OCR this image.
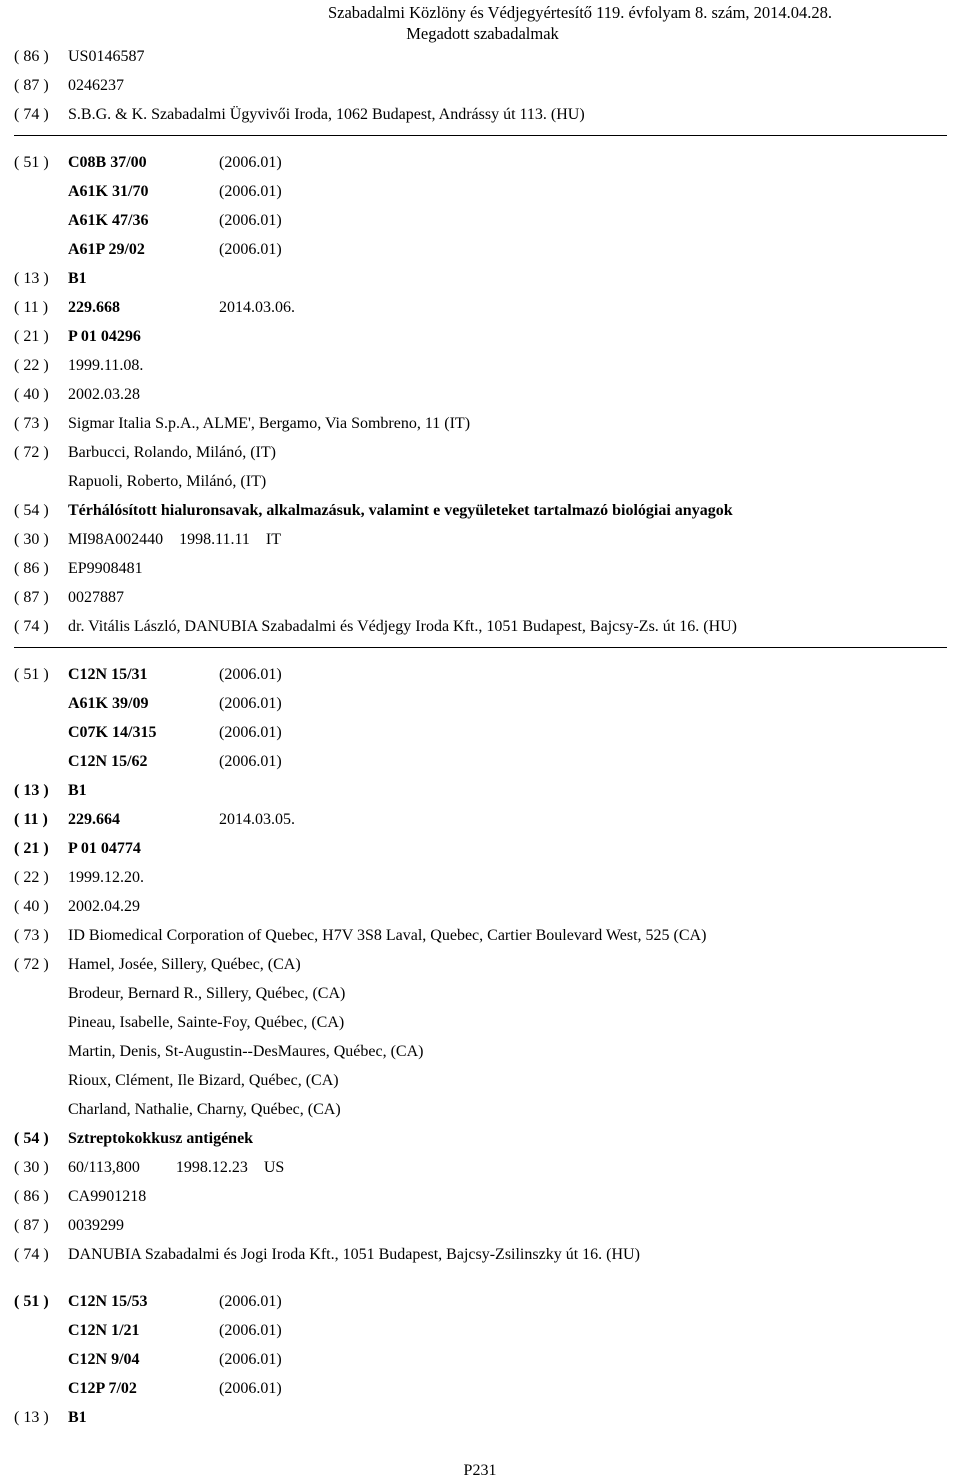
Szabadalmi Közlöny és Védjegyértesítő 119. évfolyam 8. szám, 2014.04.28.
Megadott szabadalmak
( 86 )	US0146587
( 87 )	0246237
( 74 )	S.B.G. & K. Szabadalmi Ügyvivői Iroda, 1062 Budapest, Andrássy út 113. (HU)
( 51 )	C08B 37/00	(2006.01)
A61K 31/70	(2006.01)
A61K 47/36	(2006.01)
A61P 29/02	(2006.01)
( 13 )	B1
( 11 )	229.668	2014.03.06.
( 21 )	P 01 04296
( 22 )	1999.11.08.
( 40 )	2002.03.28
( 73 )	Sigmar Italia S.p.A., ALME', Bergamo, Via Sombreno, 11 (IT)
( 72 )	Barbucci, Rolando, Milánó, (IT)
Rapuoli, Roberto, Milánó, (IT)
( 54 )	Térhálósított hialuronsavak, alkalmazásuk, valamint e vegyületeket tartalmazó biológiai anyagok
( 30 )	MI98A002440    1998.11.11    IT
( 86 )	EP9908481
( 87 )	0027887
( 74 )	dr. Vitális László, DANUBIA Szabadalmi és Védjegy Iroda Kft., 1051 Budapest, Bajcsy-Zs. út 16. (HU)
( 51 )	C12N 15/31	(2006.01)
A61K 39/09	(2006.01)
C07K 14/315	(2006.01)
C12N 15/62	(2006.01)
( 13 )	B1
( 11 )	229.664	2014.03.05.
( 21 )	P 01 04774
( 22 )	1999.12.20.
( 40 )	2002.04.29
( 73 )	ID Biomedical Corporation of Quebec, H7V 3S8 Laval, Quebec, Cartier Boulevard West, 525 (CA)
( 72 )	Hamel, Josée, Sillery, Québec, (CA)
Brodeur, Bernard R., Sillery, Québec, (CA)
Pineau, Isabelle, Sainte-Foy, Québec, (CA)
Martin, Denis, St-Augustin--DesMaures, Québec, (CA)
Rioux, Clément, Ile Bizard, Québec, (CA)
Charland, Nathalie, Charny, Québec, (CA)
( 54 )	Sztreptokokkusz antigének
( 30 )	60/113,800         1998.12.23    US
( 86 )	CA9901218
( 87 )	0039299
( 74 )	DANUBIA Szabadalmi és Jogi Iroda Kft., 1051 Budapest, Bajcsy-Zsilinszky út 16. (HU)
( 51 )	C12N 15/53	(2006.01)
C12N 1/21	(2006.01)
C12N 9/04	(2006.01)
C12P 7/02	(2006.01)
( 13 )	B1
P231
